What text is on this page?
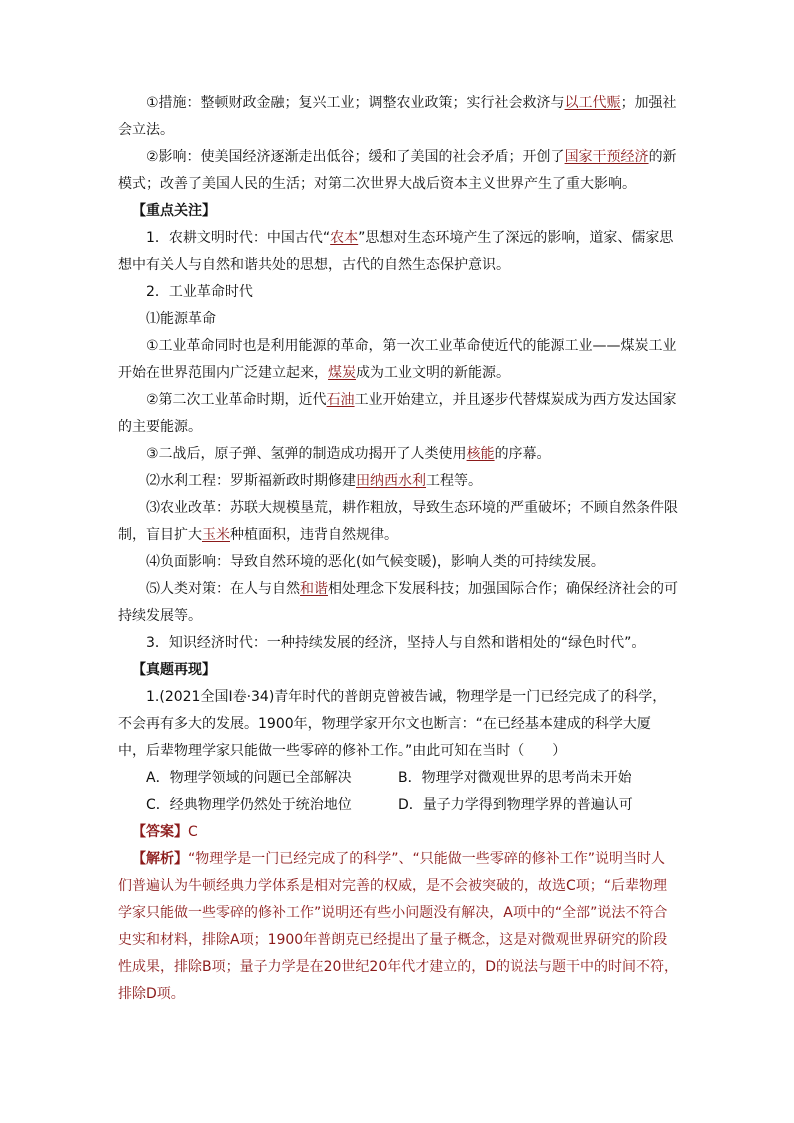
①措施：整顿财政金融；复兴工业；调整农业政策；实行社会救济与以工代赈；加强社会立法。

②影响：使美国经济逐渐走出低谷；缓和了美国的社会矛盾；开创了国家干预经济的新模式；改善了美国人民的生活；对第二次世界大战后资本主义世界产生了重大影响。

【重点关注】

1．农耕文明时代：中国古代“农本”思想对生态环境产生了深远的影响，道家、儒家思想中有关人与自然和谐共处的思想，古代的自然生态保护意识。

2．工业革命时代

⑴能源革命

①工业革命同时也是利用能源的革命，第一次工业革命使近代的能源工业——煤炭工业开始在世界范围内广泛建立起来，煤炭成为工业文明的新能源。

②第二次工业革命时期，近代石油工业开始建立，并且逐步代替煤炭成为西方发达国家的主要能源。

③二战后，原子弹、氢弹的制造成功揭开了人类使用核能的序幕。

⑵水利工程：罗斯福新政时期修建田纳西水利工程等。

⑶农业改革：苏联大规模垦荒，耕作粗放，导致生态环境的严重破坏；不顾自然条件限制，盲目扩大玉米种植面积，违背自然规律。

⑷负面影响：导致自然环境的恶化(如气候变暖)，影响人类的可持续发展。

⑸人类对策：在人与自然和谐相处理念下发展科技；加强国际合作；确保经济社会的可持续发展等。

3．知识经济时代：一种持续发展的经济，坚持人与自然和谐相处的“绿色时代”。

【真题再现】

1.(2021全国Ⅰ卷·34)青年时代的普朗克曾被告诫，物理学是一门已经完成了的科学，不会再有多大的发展。1900年，物理学家开尔文也断言：“在已经基本建成的科学大厦中，后辈物理学家只能做一些零碎的修补工作。”由此可知在当时（　　）

A．物理学领域的问题已全部解决	B．物理学对微观世界的思考尚未开始
C．经典物理学仍然处于统治地位	D．量子力学得到物理学界的普遍认可

【答案】C

【解析】“物理学是一门已经完成了的科学”、“只能做一些零碎的修补工作”说明当时人们普遍认为牛顿经典力学体系是相对完善的权威，是不会被突破的，故选C项；“后辈物理学家只能做一些零碎的修补工作”说明还有些小问题没有解决，A项中的“全部”说法不符合史实和材料，排除A项；1900年普朗克已经提出了量子概念，这是对微观世界研究的阶段性成果，排除B项；量子力学是在20世纪20年代才建立的，D的说法与题干中的时间不符，排除D项。
